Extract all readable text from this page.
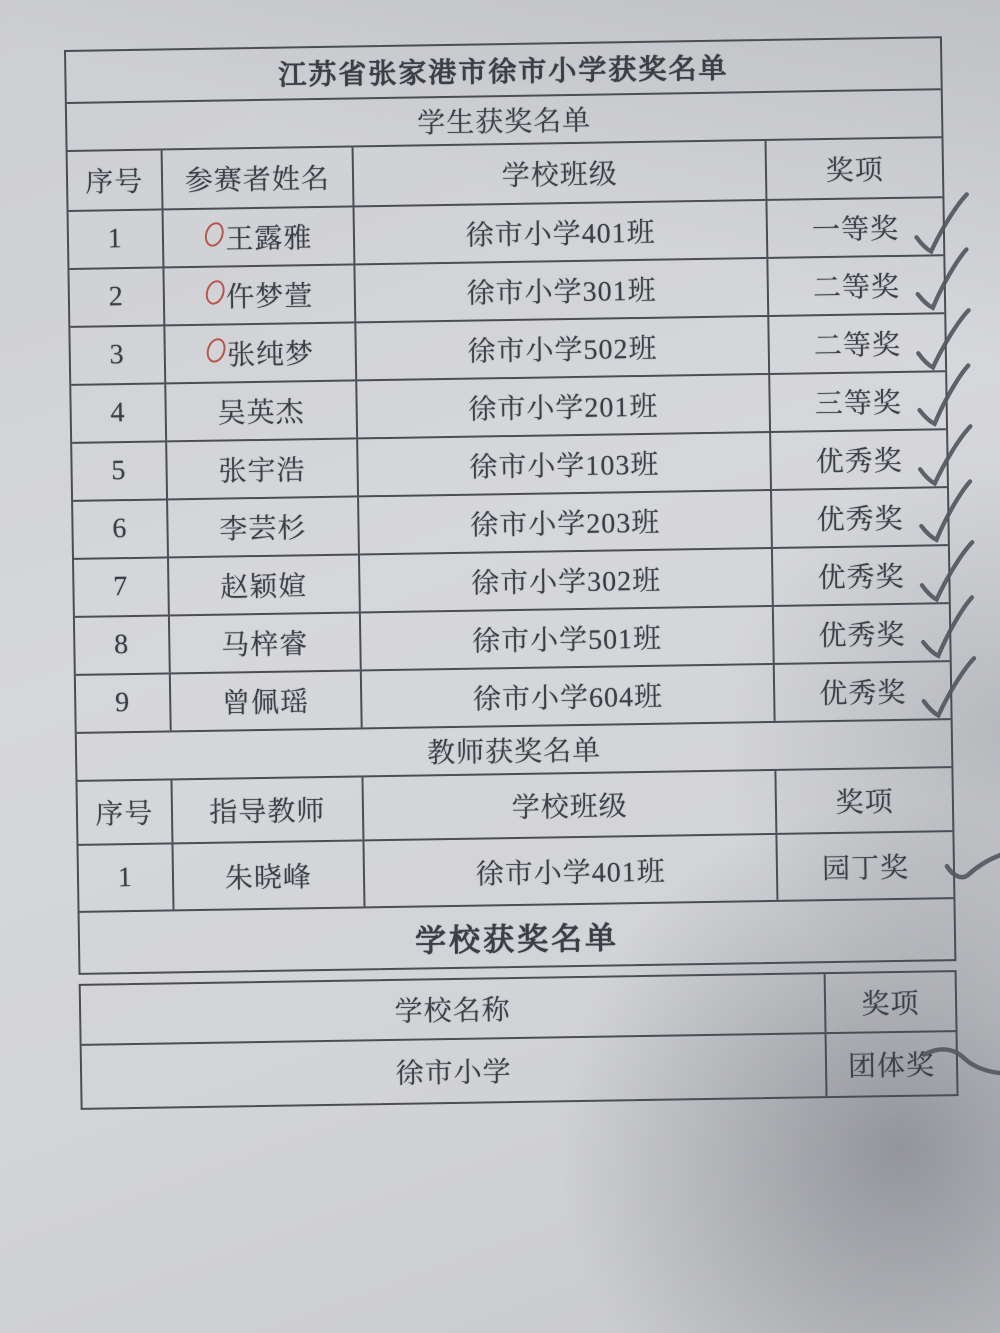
江苏省张家港市徐市小学获奖名单
学生获奖名单
序号	参赛者姓名	学校班级	奖项
1	王露雅	徐市小学401班	一等奖
2	仵梦萱	徐市小学301班	二等奖
3	张纯梦	徐市小学502班	二等奖
4	吴英杰	徐市小学201班	三等奖
5	张宇浩	徐市小学103班	优秀奖
6	李芸杉	徐市小学203班	优秀奖
7	赵颖媗	徐市小学302班	优秀奖
8	马梓睿	徐市小学501班	优秀奖
9	曾佩瑶	徐市小学604班	优秀奖
教师获奖名单
序号	指导教师	学校班级	奖项
1	朱晓峰	徐市小学401班	园丁奖
学校获奖名单
学校名称	奖项
徐市小学	团体奖
